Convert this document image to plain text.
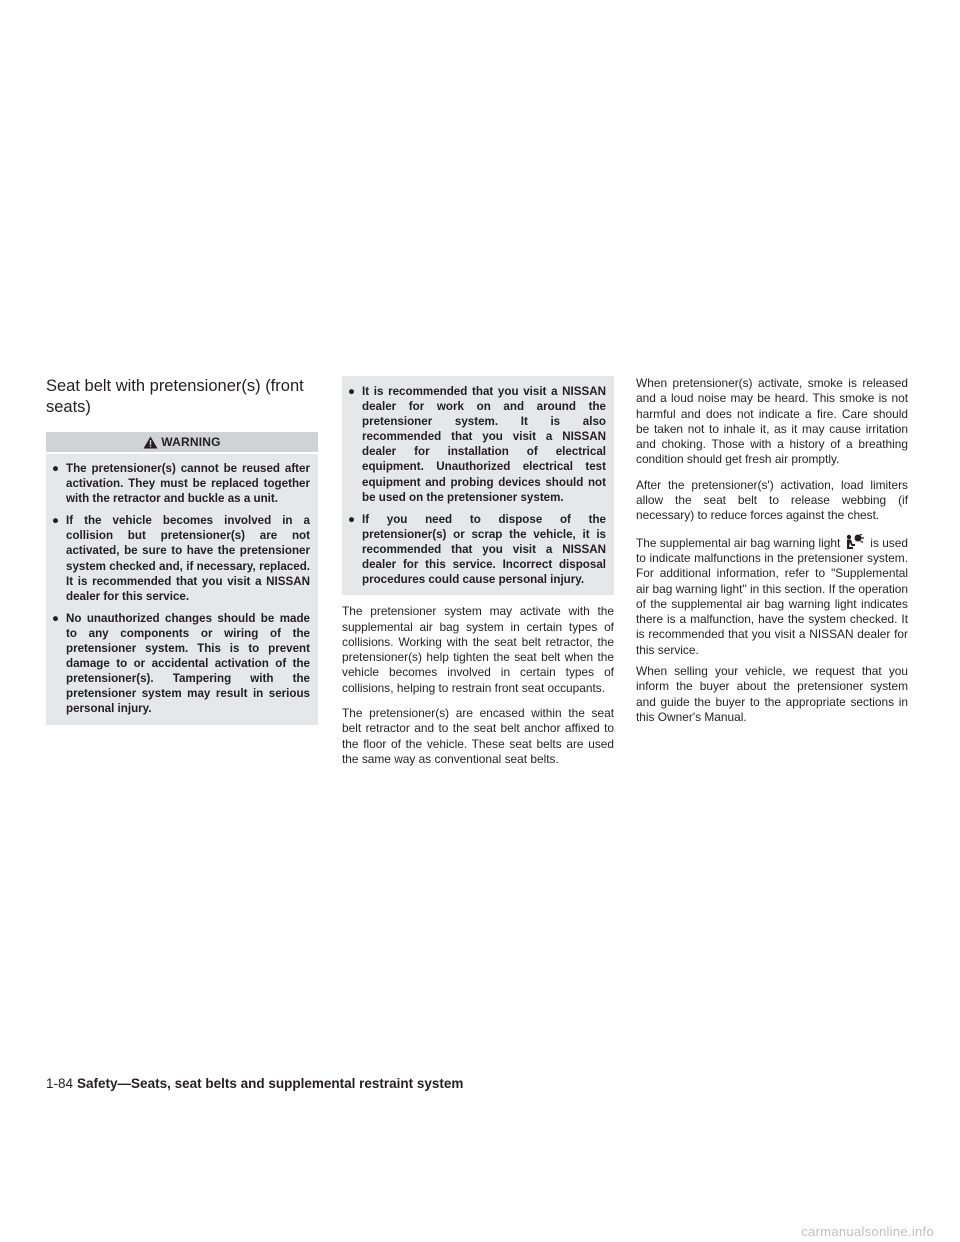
Seat belt with pretensioner(s) (front seats)
WARNING
● The pretensioner(s) cannot be reused after activation. They must be replaced together with the retractor and buckle as a unit.
● If the vehicle becomes involved in a collision but pretensioner(s) are not activated, be sure to have the pretensioner system checked and, if necessary, replaced. It is recommended that you visit a NISSAN dealer for this service.
● No unauthorized changes should be made to any components or wiring of the pretensioner system. This is to prevent damage to or accidental activation of the pretensioner(s). Tampering with the pretensioner system may result in serious personal injury.
● It is recommended that you visit a NISSAN dealer for work on and around the pretensioner system. It is also recommended that you visit a NISSAN dealer for installation of electrical equipment. Unauthorized electrical test equipment and probing devices should not be used on the pretensioner system.
● If you need to dispose of the pretensioner(s) or scrap the vehicle, it is recommended that you visit a NISSAN dealer for this service. Incorrect disposal procedures could cause personal injury.

The pretensioner system may activate with the supplemental air bag system in certain types of collisions. Working with the seat belt retractor, the pretensioner(s) help tighten the seat belt when the vehicle becomes involved in certain types of collisions, helping to restrain front seat occupants.

The pretensioner(s) are encased within the seat belt retractor and to the seat belt anchor affixed to the floor of the vehicle. These seat belts are used the same way as conventional seat belts.

When pretensioner(s) activate, smoke is released and a loud noise may be heard. This smoke is not harmful and does not indicate a fire. Care should be taken not to inhale it, as it may cause irritation and choking. Those with a history of a breathing condition should get fresh air promptly.

After the pretensioner(s') activation, load limiters allow the seat belt to release webbing (if necessary) to reduce forces against the chest.

The supplemental air bag warning light	is used to indicate malfunctions in the pretensioner system. For additional information, refer to "Supplemental air bag warning light" in this section. If the operation of the supplemental air bag warning light indicates there is a malfunction, have the system checked. It is recommended that you visit a NISSAN dealer for this service.

When selling your vehicle, we request that you inform the buyer about the pretensioner system and guide the buyer to the appropriate sections in this Owner's Manual.

1-84 Safety—Seats, seat belts and supplemental restraint system
carmanualsonline.info
